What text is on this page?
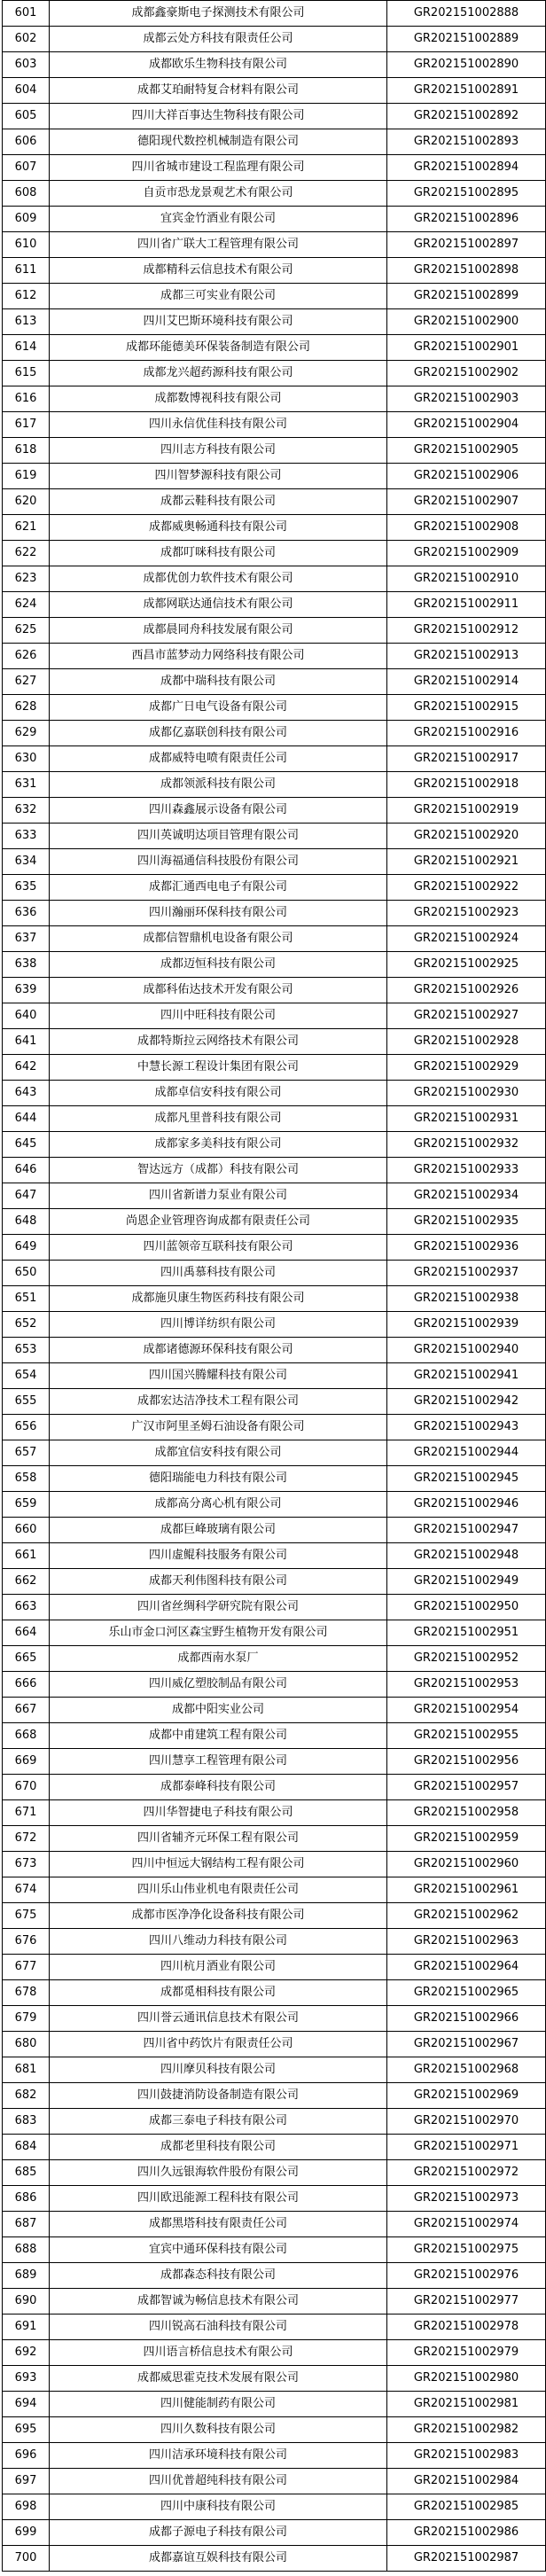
601	成都鑫豪斯电子探测技术有限公司	GR202151002888
602	成都云处方科技有限责任公司	GR202151002889
603	成都欧乐生物科技有限公司	GR202151002890
604	成都艾珀耐特复合材料有限公司	GR202151002891
605	四川大祥百事达生物科技有限公司	GR202151002892
606	德阳现代数控机械制造有限公司	GR202151002893
607	四川省城市建设工程监理有限公司	GR202151002894
608	自贡市恐龙景观艺术有限公司	GR202151002895
609	宜宾金竹酒业有限公司	GR202151002896
610	四川省广联大工程管理有限公司	GR202151002897
611	成都精科云信息技术有限公司	GR202151002898
612	成都三可实业有限公司	GR202151002899
613	四川艾巴斯环境科技有限公司	GR202151002900
614	成都环能德美环保装备制造有限公司	GR202151002901
615	成都龙兴超药源科技有限公司	GR202151002902
616	成都数博视科技有限公司	GR202151002903
617	四川永信优佳科技有限公司	GR202151002904
618	四川志方科技有限公司	GR202151002905
619	四川智梦源科技有限公司	GR202151002906
620	成都云鞋科技有限公司	GR202151002907
621	成都威奥畅通科技有限公司	GR202151002908
622	成都叮咪科技有限公司	GR202151002909
623	成都优创力软件技术有限公司	GR202151002910
624	成都网联达通信技术有限公司	GR202151002911
625	成都晨同舟科技发展有限公司	GR202151002912
626	西昌市蓝梦动力网络科技有限公司	GR202151002913
627	成都中瑞科技有限公司	GR202151002914
628	成都广日电气设备有限公司	GR202151002915
629	成都亿嘉联创科技有限公司	GR202151002916
630	成都威特电喷有限责任公司	GR202151002917
631	成都领派科技有限公司	GR202151002918
632	四川森鑫展示设备有限公司	GR202151002919
633	四川英诚明达项目管理有限公司	GR202151002920
634	四川海福通信科技股份有限公司	GR202151002921
635	成都汇通西电电子有限公司	GR202151002922
636	四川瀚丽环保科技有限公司	GR202151002923
637	成都信智鼎机电设备有限公司	GR202151002924
638	成都迈恒科技有限公司	GR202151002925
639	成都科佑达技术开发有限公司	GR202151002926
640	四川中旺科技有限公司	GR202151002927
641	成都特斯拉云网络技术有限公司	GR202151002928
642	中慧长源工程设计集团有限公司	GR202151002929
643	成都卓信安科技有限公司	GR202151002930
644	成都凡里普科技有限公司	GR202151002931
645	成都家多美科技有限公司	GR202151002932
646	智达远方（成都）科技有限公司	GR202151002933
647	四川省新谱力泵业有限公司	GR202151002934
648	尚恩企业管理咨询成都有限责任公司	GR202151002935
649	四川蓝领帝互联科技有限公司	GR202151002936
650	四川禹慕科技有限公司	GR202151002937
651	成都施贝康生物医药科技有限公司	GR202151002938
652	四川博详纺织有限公司	GR202151002939
653	成都诸德源环保科技有限公司	GR202151002940
654	四川国兴腾耀科技有限公司	GR202151002941
655	成都宏达洁净技术工程有限公司	GR202151002942
656	广汉市阿里圣姆石油设备有限公司	GR202151002943
657	成都宜信安科技有限公司	GR202151002944
658	德阳瑞能电力科技有限公司	GR202151002945
659	成都高分离心机有限公司	GR202151002946
660	成都巨峰玻璃有限公司	GR202151002947
661	四川虚鲲科技服务有限公司	GR202151002948
662	成都天利伟图科技有限公司	GR202151002949
663	四川省丝绸科学研究院有限公司	GR202151002950
664	乐山市金口河区森宝野生植物开发有限公司	GR202151002951
665	成都西南水泵厂	GR202151002952
666	四川威亿塑胶制品有限公司	GR202151002953
667	成都中阳实业公司	GR202151002954
668	成都中甫建筑工程有限公司	GR202151002955
669	四川慧享工程管理有限公司	GR202151002956
670	成都泰峰科技有限公司	GR202151002957
671	四川华智捷电子科技有限公司	GR202151002958
672	四川省辅齐元环保工程有限公司	GR202151002959
673	四川中恒远大钢结构工程有限公司	GR202151002960
674	四川乐山伟业机电有限责任公司	GR202151002961
675	成都市医净净化设备科技有限公司	GR202151002962
676	四川八维动力科技有限公司	GR202151002963
677	四川杭月酒业有限公司	GR202151002964
678	成都觅相科技有限公司	GR202151002965
679	四川誉云通讯信息技术有限公司	GR202151002966
680	四川省中药饮片有限责任公司	GR202151002967
681	四川摩贝科技有限公司	GR202151002968
682	四川鼓捷消防设备制造有限公司	GR202151002969
683	成都三泰电子科技有限公司	GR202151002970
684	成都老里科技有限公司	GR202151002971
685	四川久远银海软件股份有限公司	GR202151002972
686	四川欧迅能源工程科技有限公司	GR202151002973
687	成都黑塔科技有限责任公司	GR202151002974
688	宜宾中通环保科技有限公司	GR202151002975
689	成都森态科技有限公司	GR202151002976
690	成都智诚为畅信息技术有限公司	GR202151002977
691	四川锐高石油科技有限公司	GR202151002978
692	四川语言桥信息技术有限公司	GR202151002979
693	成都威思霍克技术发展有限公司	GR202151002980
694	四川健能制药有限公司	GR202151002981
695	四川久数科技有限公司	GR202151002982
696	四川洁承环境科技有限公司	GR202151002983
697	四川优普超纯科技有限公司	GR202151002984
698	四川中康科技有限公司	GR202151002985
699	成都子源电子科技有限公司	GR202151002986
700	成都嘉谊互娱科技有限公司	GR202151002987
